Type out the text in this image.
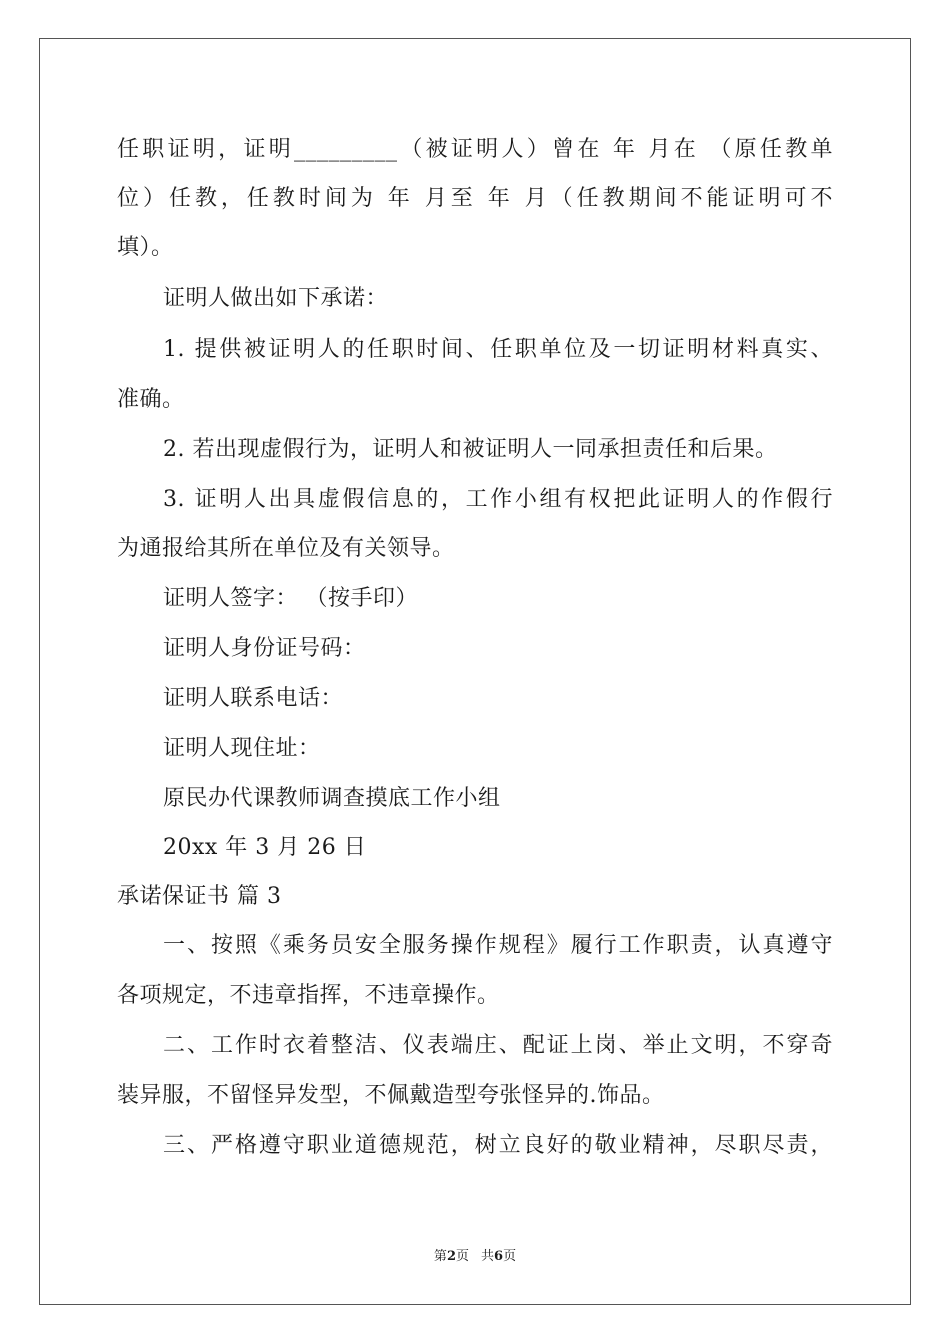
任职证明，证明_________（被证明人）曾在 年 月在 （原任教单
位）任教，任教时间为 年 月至 年 月（任教期间不能证明可不
填）。
证明人做出如下承诺：
1. 提供被证明人的任职时间、任职单位及一切证明材料真实、
准确。
2. 若出现虚假行为，证明人和被证明人一同承担责任和后果。
3. 证明人出具虚假信息的，工作小组有权把此证明人的作假行
为通报给其所在单位及有关领导。
证明人签字： （按手印）
证明人身份证号码：
证明人联系电话：
证明人现住址：
原民办代课教师调查摸底工作小组
20xx 年 3 月 26 日
承诺保证书 篇 3
一、按照《乘务员安全服务操作规程》履行工作职责，认真遵守
各项规定，不违章指挥，不违章操作。
二、工作时衣着整洁、仪表端庄、配证上岗、举止文明，不穿奇
装异服，不留怪异发型，不佩戴造型夸张怪异的.饰品。
三、严格遵守职业道德规范，树立良好的敬业精神，尽职尽责，
第2页 共6页
